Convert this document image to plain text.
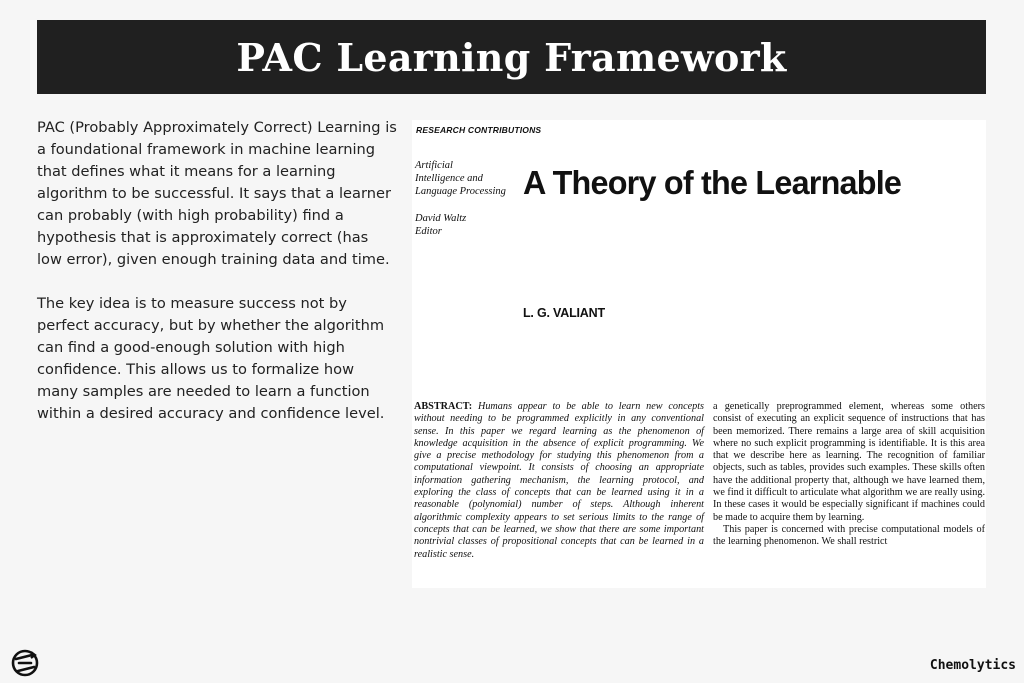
PAC Learning Framework

PAC (Probably Approximately Correct) Learning is a foundational framework in machine learning that defines what it means for a learning algorithm to be successful. It says that a learner can probably (with high probability) find a hypothesis that is approximately correct (has low error), given enough training data and time.

The key idea is to measure success not by perfect accuracy, but by whether the algorithm can find a good-enough solution with high confidence. This allows us to formalize how many samples are needed to learn a function within a desired accuracy and confidence level.

RESEARCH CONTRIBUTIONS
Artificial
Intelligence and
Language Processing
David Waltz
Editor
A Theory of the Learnable
L. G. VALIANT
ABSTRACT: Humans appear to be able to learn new concepts without needing to be programmed explicitly in any conventional sense. In this paper we regard learning as the phenomenon of knowledge acquisition in the absence of explicit programming. We give a precise methodology for studying this phenomenon from a computational viewpoint. It consists of choosing an appropriate information gathering mechanism, the learning protocol, and exploring the class of concepts that can be learned using it in a reasonable (polynomial) number of steps. Although inherent algorithmic complexity appears to set serious limits to the range of concepts that can be learned, we show that there are some important nontrivial classes of propositional concepts that can be learned in a realistic sense.

a genetically preprogrammed element, whereas some others consist of executing an explicit sequence of instructions that has been memorized. There remains a large area of skill acquisition where no such explicit programming is identifiable. It is this area that we describe here as learning. The recognition of familiar objects, such as tables, provides such examples. These skills often have the additional property that, although we have learned them, we find it difficult to articulate what algorithm we are really using. In these cases it would be especially significant if machines could be made to acquire them by learning.

This paper is concerned with precise computational models of the learning phenomenon. We shall restrict

Chemolytics
